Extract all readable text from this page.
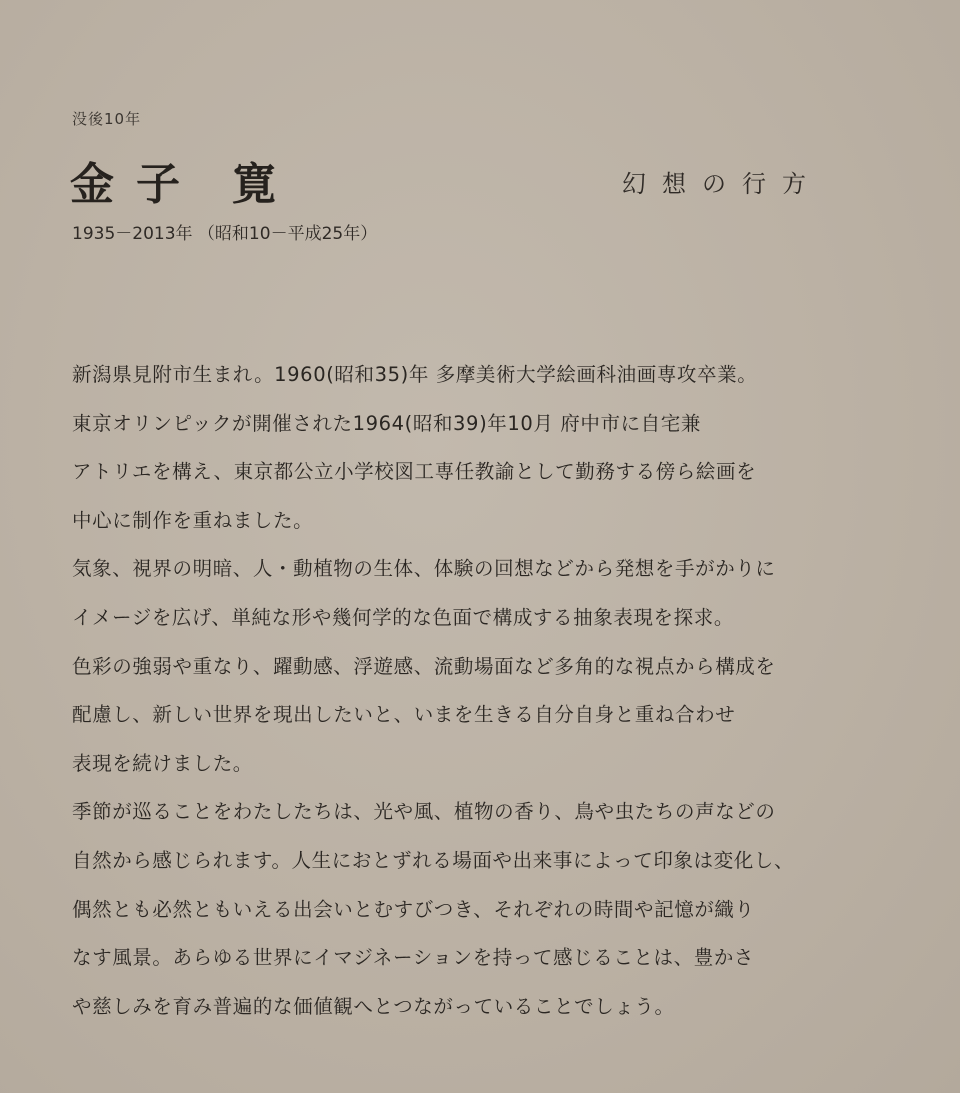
没後10年
金 子 寛	幻想の行方
1935－2013年 （昭和10－平成25年）
新潟県見附市生まれ。1960(昭和35)年 多摩美術大学絵画科油画専攻卒業。
東京オリンピックが開催された1964(昭和39)年10月 府中市に自宅兼
アトリエを構え、東京都公立小学校図工専任教諭として勤務する傍ら絵画を
中心に制作を重ねました。
気象、視界の明暗、人・動植物の生体、体験の回想などから発想を手がかりに
イメージを広げ、単純な形や幾何学的な色面で構成する抽象表現を探求。
色彩の強弱や重なり、躍動感、浮遊感、流動場面など多角的な視点から構成を
配慮し、新しい世界を現出したいと、いまを生きる自分自身と重ね合わせ
表現を続けました。
季節が巡ることをわたしたちは、光や風、植物の香り、鳥や虫たちの声などの
自然から感じられます。人生におとずれる場面や出来事によって印象は変化し、
偶然とも必然ともいえる出会いとむすびつき、それぞれの時間や記憶が織り
なす風景。あらゆる世界にイマジネーションを持って感じることは、豊かさ
や慈しみを育み普遍的な価値観へとつながっていることでしょう。
